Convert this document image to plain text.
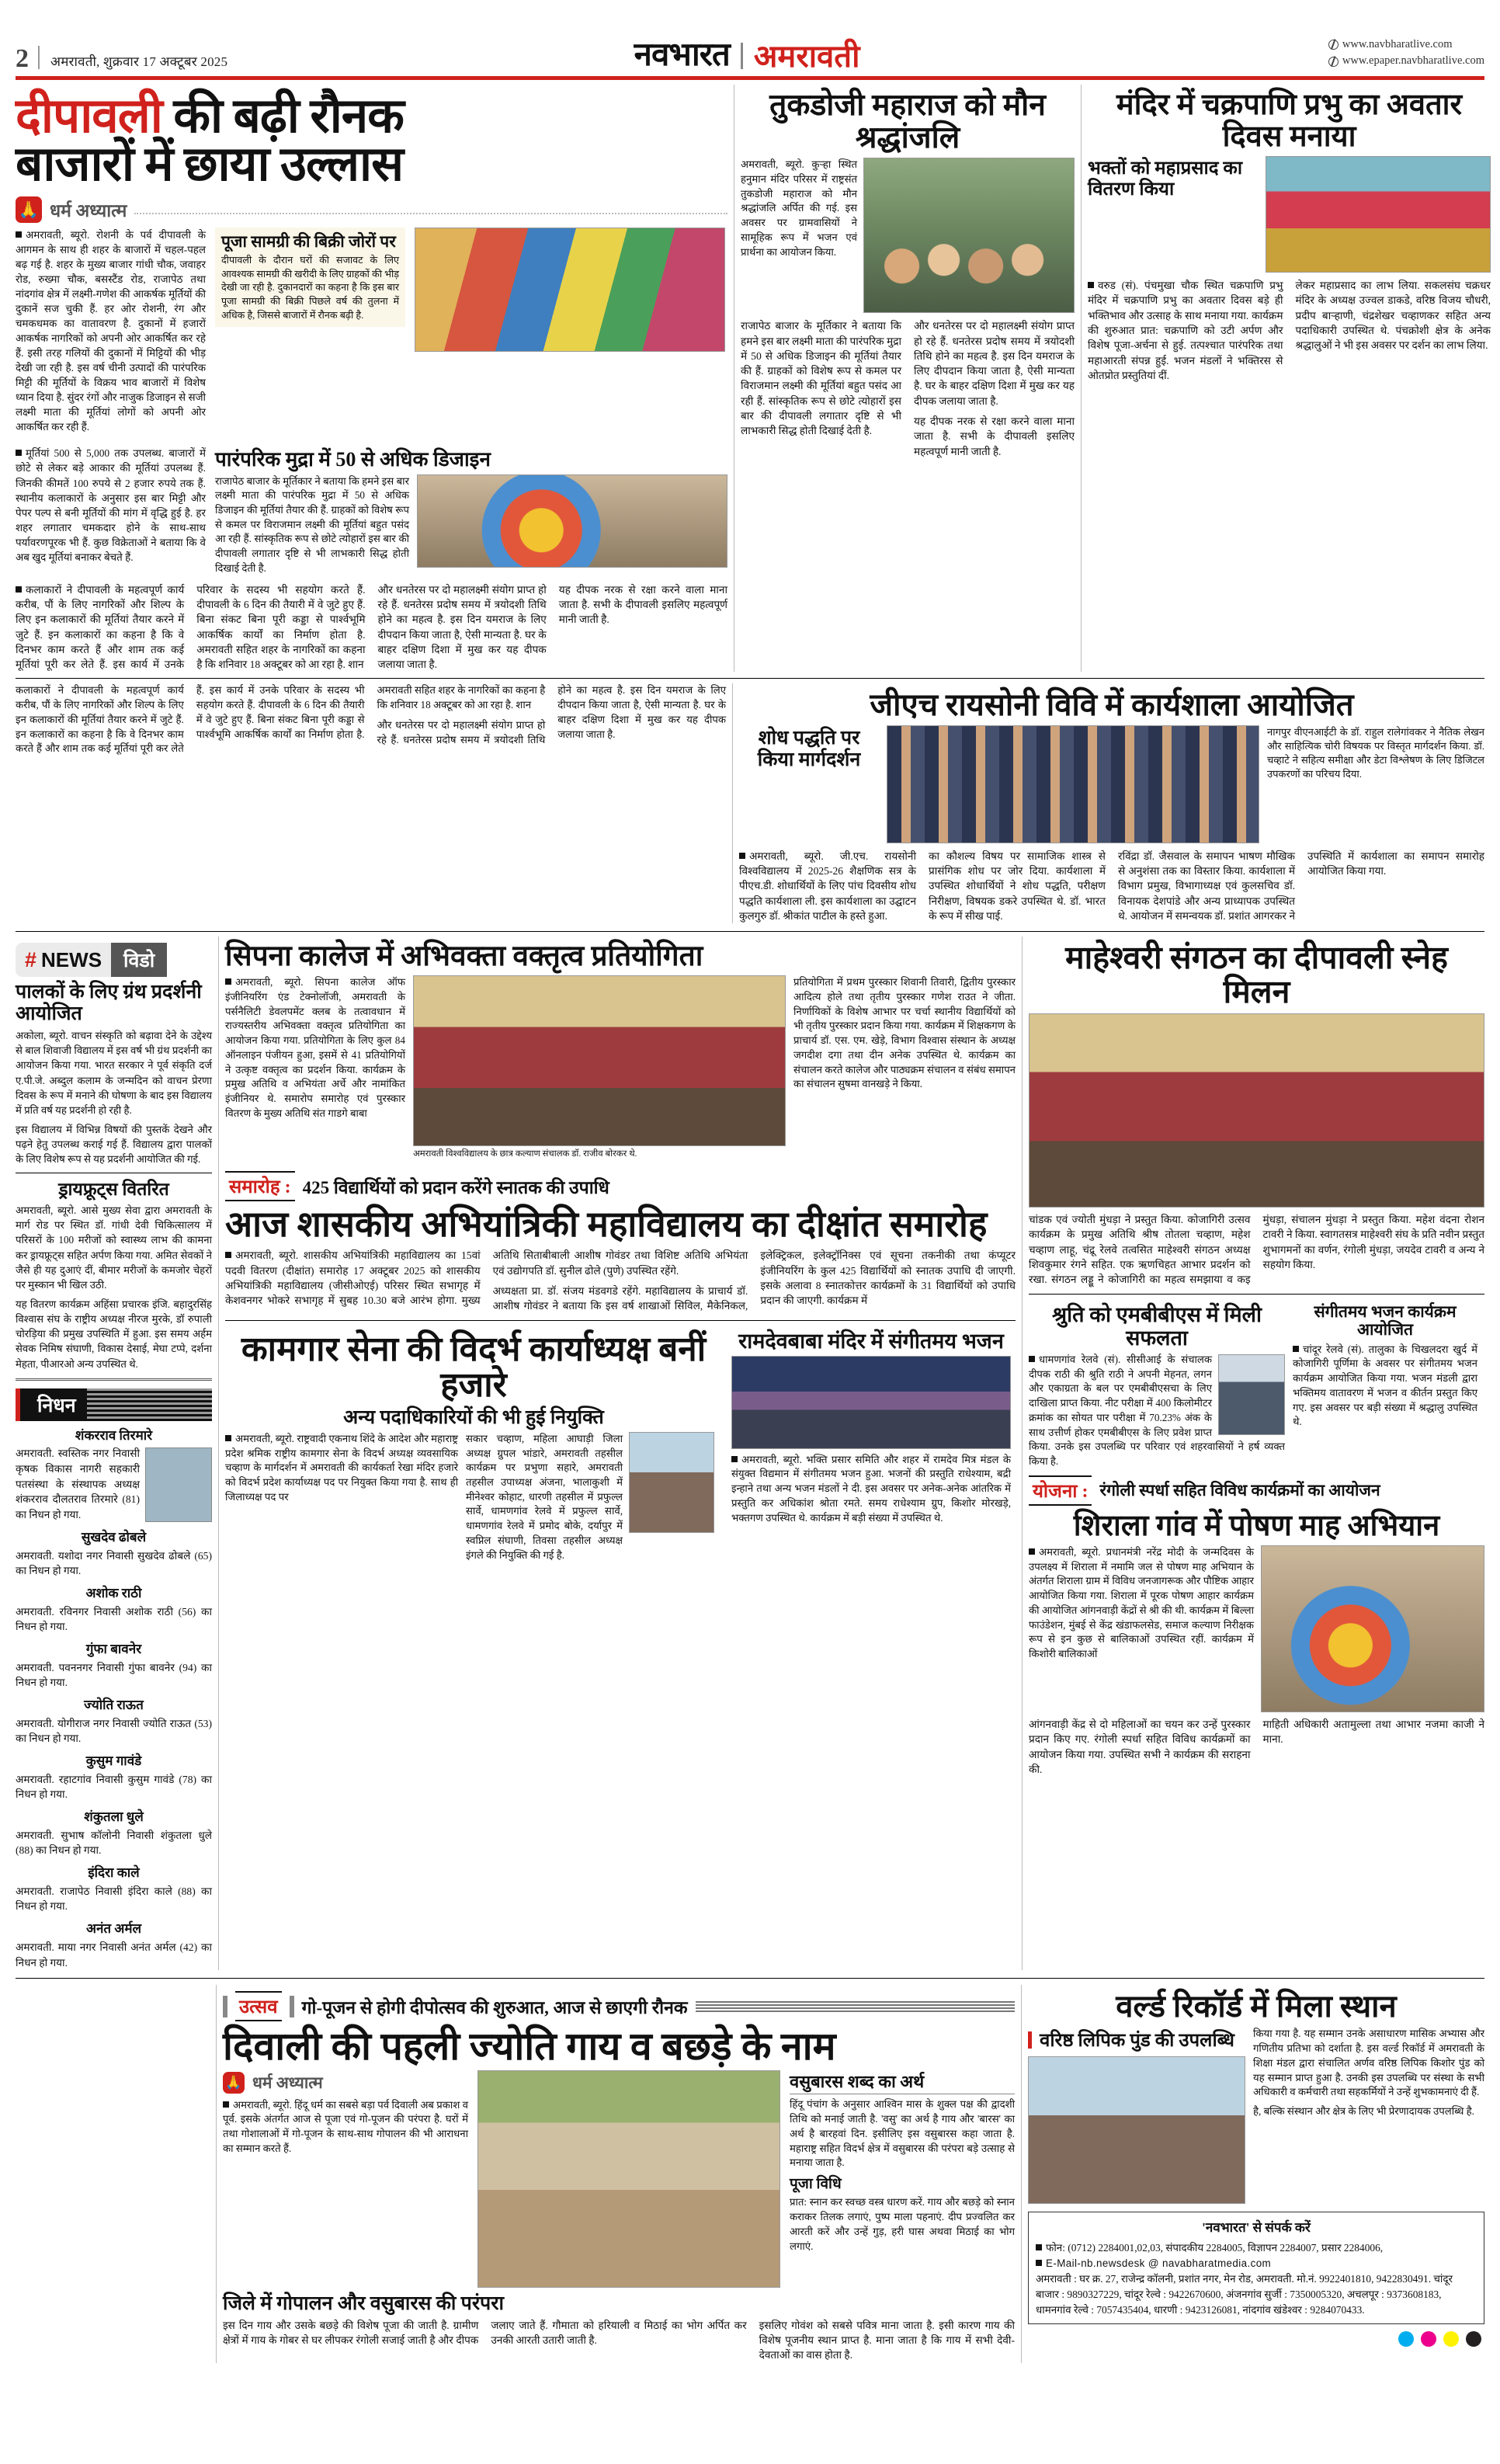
2 अमरावती, शुक्रवार 17 अक्टूबर 2025	नवभारत अमरावती	www.navbharatlive.com
www.epaper.navbharatlive.com
दीपावली की बढ़ी रौनक
बाजारों में छाया उल्लास
🙏 धर्म अध्यात्म

अमरावती, ब्यूरो. रोशनी के पर्व दीपावली के आगमन के साथ ही शहर के बाजारों में चहल-पहल बढ़ गई है. शहर के मुख्य बाजार गांधी चौक, जवाहर रोड, रुख्मा चौक, बसस्टैंड रोड, राजापेठ तथा नांदगांव क्षेत्र में लक्ष्मी-गणेश की आकर्षक मूर्तियों की दुकानें सज चुकी हैं. हर ओर रोशनी, रंग और चमकधमक का वातावरण है. दुकानों में हजारों आकर्षक नागरिकों को अपनी ओर आकर्षित कर रहे हैं. इसी तरह गलियों की दुकानों में मिट्टियों की भीड़ देखी जा रही है. इस वर्ष चीनी उत्पादों की पारंपरिक मिट्टी की मूर्तियों के विक्रय भाव बाजारों में विशेष ध्यान दिया है. सुंदर रंगों और नाजुक डिजाइन से सजी लक्ष्मी माता की मूर्तियां लोगों को अपनी ओर आकर्षित कर रही हैं.

पूजा सामग्री की बिक्री जोरों पर
दीपावली के दौरान घरों की सजावट के लिए आवश्यक सामग्री की खरीदी के लिए ग्राहकों की भीड़ देखी जा रही है. दुकानदारों का कहना है कि इस बार पूजा सामग्री की बिक्री पिछले वर्ष की तुलना में अधिक है, जिससे बाजारों में रौनक बढ़ी है.

मूर्तियां 500 से 5,000 तक उपलब्ध. बाजारों में छोटे से लेकर बड़े आकार की मूर्तियां उपलब्ध हैं. जिनकी कीमतें 100 रुपये से 2 हजार रुपये तक हैं. स्थानीय कलाकारों के अनुसार इस बार मिट्टी और पेपर पल्प से बनी मूर्तियों की मांग में वृद्धि हुई है. हर शहर लगातार चमकदार होने के साथ-साथ पर्यावरणपूरक भी हैं. कुछ विक्रेताओं ने बताया कि वे अब खुद मूर्तियां बनाकर बेचते हैं.

पारंपरिक मुद्रा में 50 से अधिक डिजाइन
राजापेठ बाजार के मूर्तिकार ने बताया कि हमने इस बार लक्ष्मी माता की पारंपरिक मुद्रा में 50 से अधिक डिजाइन की मूर्तियां तैयार की हैं. ग्राहकों को विशेष रूप से कमल पर विराजमान लक्ष्मी की मूर्तियां बहुत पसंद आ रही हैं. सांस्कृतिक रूप से छोटे त्योहारों इस बार की दीपावली लगातार दृष्टि से भी लाभकारी सिद्ध होती दिखाई देती है.

कलाकारों ने दीपावली के महत्वपूर्ण कार्य करीब, पौं के लिए नागरिकों और शिल्प के लिए इन कलाकारों की मूर्तियां तैयार करने में जुटे हैं. इन कलाकारों का कहना है कि वे दिनभर काम करते हैं और शाम तक कई मूर्तियां पूरी कर लेते हैं. इस कार्य में उनके परिवार के सदस्य भी सहयोग करते हैं. दीपावली के 6 दिन की तैयारी में वे जुटे हुए हैं. बिना संकट बिना पूरी कड्डा से पार्श्वभूमि आकर्षिक कार्यों का निर्माण होता है. अमरावती सहित शहर के नागरिकों का कहना है कि शनिवार 18 अक्टूबर को आ रहा है. शान

और धनतेरस पर दो महालक्ष्मी संयोग प्राप्त हो रहे हैं. धनतेरस प्रदोष समय में त्रयोदशी तिथि होने का महत्व है. इस दिन यमराज के लिए दीपदान किया जाता है, ऐसी मान्यता है. घर के बाहर दक्षिण दिशा में मुख कर यह दीपक जलाया जाता है.

यह दीपक नरक से रक्षा करने वाला माना जाता है. सभी के दीपावली इसलिए महत्वपूर्ण मानी जाती है.

तुकडोजी महाराज को मौन श्रद्धांजलि
अमरावती, ब्यूरो. कुऱ्हा स्थित हनुमान मंदिर परिसर में राष्ट्रसंत तुकडोजी महाराज को मौन श्रद्धांजलि अर्पित की गई. इस अवसर पर ग्रामवासियों ने सामूहिक रूप में भजन एवं प्रार्थना का आयोजन किया.

राजापेठ बाजार के मूर्तिकार ने बताया कि हमने इस बार लक्ष्मी माता की पारंपरिक मुद्रा में 50 से अधिक डिजाइन की मूर्तियां तैयार की हैं. ग्राहकों को विशेष रूप से कमल पर विराजमान लक्ष्मी की मूर्तियां बहुत पसंद आ रही हैं. सांस्कृतिक रूप से छोटे त्योहारों इस बार की दीपावली लगातार दृष्टि से भी लाभकारी सिद्ध होती दिखाई देती है.

और धनतेरस पर दो महालक्ष्मी संयोग प्राप्त हो रहे हैं. धनतेरस प्रदोष समय में त्रयोदशी तिथि होने का महत्व है. इस दिन यमराज के लिए दीपदान किया जाता है, ऐसी मान्यता है. घर के बाहर दक्षिण दिशा में मुख कर यह दीपक जलाया जाता है.

यह दीपक नरक से रक्षा करने वाला माना जाता है. सभी के दीपावली इसलिए महत्वपूर्ण मानी जाती है.

मंदिर में चक्रपाणि प्रभु का अवतार दिवस मनाया
भक्तों को महाप्रसाद का वितरण किया

वरुड (सं). पंचमुखा चौक स्थित चक्रपाणि प्रभु मंदिर में चक्रपाणि प्रभु का अवतार दिवस बड़े ही भक्तिभाव और उत्साह के साथ मनाया गया. कार्यक्रम की शुरुआत प्रात: चक्रपाणि को उटी अर्पण और विशेष पूजा-अर्चना से हुई. तत्पश्चात पारंपरिक तथा महाआरती संपन्न हुई. भजन मंडलों ने भक्तिरस से ओतप्रोत प्रस्तुतियां दीं.

लेकर महाप्रसाद का लाभ लिया. सकलसंघ चक्रधर मंदिर के अध्यक्ष उज्वल डाकडे, वरिष्ठ विजय चौधरी, प्रदीप बाऱ्हाणी, चंद्रशेखर चव्हाणकर सहित अन्य पदाधिकारी उपस्थित थे. पंचक्रोशी क्षेत्र के अनेक श्रद्धालुओं ने भी इस अवसर पर दर्शन का लाभ लिया.

कलाकारों ने दीपावली के महत्वपूर्ण कार्य करीब, पौं के लिए नागरिकों और शिल्प के लिए इन कलाकारों की मूर्तियां तैयार करने में जुटे हैं. इन कलाकारों का कहना है कि वे दिनभर काम करते हैं और शाम तक कई मूर्तियां पूरी कर लेते हैं. इस कार्य में उनके परिवार के सदस्य भी सहयोग करते हैं. दीपावली के 6 दिन की तैयारी में वे जुटे हुए हैं. बिना संकट बिना पूरी कड्डा से पार्श्वभूमि आकर्षिक कार्यों का निर्माण होता है. अमरावती सहित शहर के नागरिकों का कहना है कि शनिवार 18 अक्टूबर को आ रहा है. शान

और धनतेरस पर दो महालक्ष्मी संयोग प्राप्त हो रहे हैं. धनतेरस प्रदोष समय में त्रयोदशी तिथि होने का महत्व है. इस दिन यमराज के लिए दीपदान किया जाता है, ऐसी मान्यता है. घर के बाहर दक्षिण दिशा में मुख कर यह दीपक जलाया जाता है.

जीएच रायसोनी विवि में कार्यशाला आयोजित
शोध पद्धति पर किया मार्गदर्शन
नागपुर वीएनआईटी के डॉ. राहुल रालेगांवकर ने नैतिक लेखन और साहित्यिक चोरी विषयक पर विस्तृत मार्गदर्शन किया. डॉ. चव्हाटे ने सहित्य समीक्षा और डेटा विश्लेषण के लिए डिजिटल उपकरणों का परिचय दिया.

अमरावती, ब्यूरो. जी.एच. रायसोनी विश्वविद्यालय में 2025-26 शैक्षणिक सत्र के पीएच.डी. शोधार्थियों के लिए पांच दिवसीय शोध पद्धति कार्यशाला ली. इस कार्यशाला का उद्घाटन कुलगुरु डॉ. श्रीकांत पाटील के हस्ते हुआ.

का कौशल्य विषय पर सामाजिक शास्त्र से प्रासंगिक शोध पर जोर दिया. कार्यशाला में उपस्थित शोधार्थियों ने शोध पद्धति, परीक्षण निरीक्षण, विषयक डकरे उपस्थित थे. डॉ. भारत के रूप में सीख पाई.

रविंद्रा डॉ. जैसवाल के समापन भाषण मौखिक से अनुशंसा तक का विस्तार किया. कार्यशाला में विभाग प्रमुख, विभागाध्यक्ष एवं कुलसचिव डॉ. विनायक देशपांडे और अन्य प्राध्यापक उपस्थित थे. आयोजन में समन्वयक डॉ. प्रशांत आगरकर ने उपस्थिति में कार्यशाला का समापन समारोह आयोजित किया गया.

# NEWS	विडो
पालकों के लिए ग्रंथ प्रदर्शनी आयोजित

अकोला, ब्यूरो. वाचन संस्कृति को बढ़ावा देने के उद्देश्य से बाल शिवाजी विद्यालय में इस वर्ष भी ग्रंथ प्रदर्शनी का आयोजन किया गया. भारत सरकार ने पूर्व संकृति दर्ज ए.पी.जे. अब्दुल कलाम के जन्मदिन को वाचन प्रेरणा दिवस के रूप में मनाने की घोषणा के बाद इस विद्यालय में प्रति वर्ष यह प्रदर्शनी हो रही है.

इस विद्यालय में विभिन्न विषयों की पुस्तकें देखने और पढ़ने हेतु उपलब्ध कराई गई हैं. विद्यालय द्वारा पालकों के लिए विशेष रूप से यह प्रदर्शनी आयोजित की गई.

ड्रायफ्रूट्स वितरित

अमरावती, ब्यूरो. आसे मुख्य सेवा द्वारा अमरावती के मार्ग रोड पर स्थित डॉ. गांधी देवी चिकित्सालय में परिसरों के 100 मरीजों को स्वास्थ्य लाभ की कामना कर ड्रायफ्रूट्स सहित अर्पण किया गया. अमित सेवकों ने जैसे ही यह दुआएं दीं, बीमार मरीजों के कमजोर चेहरों पर मुस्कान भी खिल उठी.

यह वितरण कार्यक्रम अहिंसा प्रचारक इंजि. बहादुरसिंह विश्वास संघ के राष्ट्रीय अध्यक्ष नीरज मुरके, डॉ रुपाली चोरड़िया की प्रमुख उपस्थिति में हुआ. इस समय अर्हम सेवक निमिष संघाणी, विकास देसाई, मेघा टप्पे, दर्शना मेहता, पीआरओ अन्य उपस्थित थे.

निधन
शंकरराव तिरमारे
अमरावती. स्वस्तिक नगर निवासी कृषक विकास नागरी सहकारी पतसंस्था के संस्थापक अध्यक्ष शंकरराव दौलतराव तिरमारे (81) का निधन हो गया.
सुखदेव ढोबले
अमरावती. यशोदा नगर निवासी सुखदेव ढोबले (65) का निधन हो गया.
अशोक राठी
अमरावती. रविनगर निवासी अशोक राठी (56) का निधन हो गया.
गुंफा बावनेर
अमरावती. पवननगर निवासी गुंफा बावनेर (94) का निधन हो गया.
ज्योति राऊत
अमरावती. योगीराज नगर निवासी ज्योति राऊत (53) का निधन हो गया.
कुसुम गावंडे
अमरावती. रहाटगांव निवासी कुसुम गावंडे (78) का निधन हो गया.
शंकुतला धुले
अमरावती. सुभाष कॉलोनी निवासी शंकुतला धुले (88) का निधन हो गया.
इंदिरा काले
अमरावती. राजापेठ निवासी इंदिरा काले (88) का निधन हो गया.
अनंत अर्मल
अमरावती. माया नगर निवासी अनंत अर्मल (42) का निधन हो गया.
सिपना कालेज में अभिवक्ता वक्तृत्व प्रतियोगिता
अमरावती, ब्यूरो. सिपना कालेज ऑफ इंजीनियरिंग एंड टेक्नोलॉजी, अमरावती के पर्सनैलिटी डेवलपमेंट क्लब के तत्वावधान में राज्यस्तरीय अभिवक्ता वक्तृत्व प्रतियोगिता का आयोजन किया गया. प्रतियोगिता के लिए कुल 84 ऑनलाइन पंजीयन हुआ, इसमें से 41 प्रतियोगियों ने उत्कृष्ट वक्तृत्व का प्रदर्शन किया. कार्यक्रम के प्रमुख अतिथि व अभियंता अर्चे और नामांकित इंजीनियर थे. समारोप समारोह एवं पुरस्कार वितरण के मुख्य अतिथि संत गाडगे बाबा
अमरावती विश्वविद्यालय के छात्र कल्याण संचालक डॉ. राजीव बोरकर थे.
प्रतियोगिता में प्रथम पुरस्कार शिवानी तिवारी, द्वितीय पुरस्कार आदित्य होले तथा तृतीय पुरस्कार गणेश राउत ने जीता. निर्णायिकों के विशेष आभार पर चर्चा स्थानीय विद्यार्थियों को भी तृतीय पुरस्कार प्रदान किया गया. कार्यक्रम में शिक्षकगण के प्राचार्य डॉ. एस. एम. खेड़े, विभाग विश्वास संस्थान के अध्यक्ष जगदीश दगा तथा दीन अनेक उपस्थित थे. कार्यक्रम का संचालन करते कालेज और पाठ्यक्रम संचालन व संबंध समापन का संचालन सुषमा वानखड़े ने किया.
समारोह : 425 विद्यार्थियों को प्रदान करेंगे स्नातक की उपाधि
आज शासकीय अभियांत्रिकी महाविद्यालय का दीक्षांत समारोह

अमरावती, ब्यूरो. शासकीय अभियांत्रिकी महाविद्यालय का 15वां पदवी वितरण (दीक्षांत) समारोह 17 अक्टूबर 2025 को शासकीय अभियांत्रिकी महाविद्यालय (जीसीओएई) परिसर स्थित सभागृह में केशवनगर भोकरे सभागृह में सुबह 10.30 बजे आरंभ होगा. मुख्य अतिथि सिताबीबाली आशीष गोवंडर तथा विशिष्ट अतिथि अभियंता एवं उद्योगपति डॉ. सुनील ढोले (पुणे) उपस्थित रहेंगे.

अध्यक्षता प्रा. डॉ. संजय मंडवगडे रहेंगे. महाविद्यालय के प्राचार्य डॉ. आशीष गोवंडर ने बताया कि इस वर्ष शाखाओं सिविल, मैकेनिकल, इलेक्ट्रिकल, इलेक्ट्रॉनिक्स एवं सूचना तकनीकी तथा कंप्यूटर इंजीनियरिंग के कुल 425 विद्यार्थियों को स्नातक उपाधि दी जाएगी. इसके अलावा 8 स्नातकोत्तर कार्यक्रमों के 31 विद्यार्थियों को उपाधि प्रदान की जाएगी. कार्यक्रम में

कामगार सेना की विदर्भ कार्याध्यक्ष बनीं हजारे
अन्य पदाधिकारियों की भी हुई नियुक्ति
अमरावती, ब्यूरो. राष्ट्रवादी एकनाथ शिंदे के आदेश और महाराष्ट्र प्रदेश श्रमिक राष्ट्रीय कामगार सेना के विदर्भ अध्यक्ष व्यवसायिक चव्हाण के मार्गदर्शन में अमरावती की कार्यकर्ता रेखा मंदिर हजारे को विदर्भ प्रदेश कार्याध्यक्ष पद पर नियुक्त किया गया है. साथ ही जिलाध्यक्ष पद पर
सकार चव्हाण, महिला आघाड़ी जिला अध्यक्ष ग्रुपल भांडारे, अमरावती तहसील कार्यक्रम पर प्रभुणा सहारे, अमरावती तहसील उपाध्यक्ष अंजना, भालाकुशी में मीनेश्वर कोहाट, धारणी तहसील में प्रफुल्ल सार्वे, धामणगांव रेलवे में प्रफुल्ल सार्वे, धामणगांव रेलवे में प्रमोद बोके, दर्यापुर में स्वप्निल संघाणी, तिवसा तहसील अध्यक्ष इंगले की नियुक्ति की गई है.
रामदेवबाबा मंदिर में संगीतमय भजन
अमरावती, ब्यूरो. भक्ति प्रसार समिति और शहर में रामदेव मित्र मंडल के संयुक्त विद्यमान में संगीतमय भजन हुआ. भजनों की प्रस्तुति राधेश्याम, बद्री इन्हाने तथा अन्य भजन मंडलों ने दी. इस अवसर पर अनेक-अनेक आंतरिक में प्रस्तुति कर अधिकांश श्रोता रमते. समय राधेश्याम ग्रुप, किशोर मोरखड़े, भक्तगण उपस्थित थे. कार्यक्रम में बड़ी संख्या में उपस्थित थे.
माहेश्वरी संगठन का दीपावली स्नेह मिलन

चांडक एवं ज्योती मुंधड़ा ने प्रस्तुत किया. कोजागिरी उत्सव कार्यक्रम के प्रमुख अतिथि श्रीष तोतला चव्हाण, महेश चव्हाण लाहू, चंद्रू रेलवे तत्वसित माहेश्वरी संगठन अध्यक्ष शिवकुमार रंगने सहित. एक ऋणचिहत आभार प्रदर्शन को रखा. संगठन लड्डू ने कोजागिरी का महत्व समझाया व कइ मुंधड़ा, संचालन मुंधड़ा ने प्रस्तुत किया. महेश वंदना रोशन टावरी ने किया. स्वागतसत्र माहेश्वरी संघ के प्रति नवीन प्रस्तुत शुभागमनों का वर्णन, रंगोली मुंधड़ा, जयदेव टावरी व अन्य ने सहयोग किया.

श्रुति को एमबीबीएस में मिली सफलता
धामणगांव रेलवे (सं). सीसीआई के संचालक दीपक राठी की श्रुति राठी ने अपनी मेहनत, लगन और एकाग्रता के बल पर एमबीबीएसचा के लिए दाखिला प्राप्त किया. नीट परीक्षा में 400 किलोमीटर क्रमांक का सोयत पार परीक्षा में 70.23% अंक के साथ उत्तीर्ण होकर एमबीबीएस के लिए प्रवेश प्राप्त किया. उनके इस उपलब्धि पर परिवार एवं शहरवासियों ने हर्ष व्यक्त किया है.
संगीतमय भजन कार्यक्रम आयोजित
चांदूर रेलवे (सं). तालुका के चिखलदरा खुर्द में कोजागिरी पूर्णिमा के अवसर पर संगीतमय भजन कार्यक्रम आयोजित किया गया. भजन मंडली द्वारा भक्तिमय वातावरण में भजन व कीर्तन प्रस्तुत किए गए. इस अवसर पर बड़ी संख्या में श्रद्धालु उपस्थित थे.
योजना : रंगोली स्पर्धा सहित विविध कार्यक्रमों का आयोजन
शिराला गांव में पोषण माह अभियान
अमरावती, ब्यूरो. प्रधानमंत्री नरेंद्र मोदी के जन्मदिवस के उपलक्ष्य में शिराला में नमामि जल से पोषण माह अभियान के अंतर्गत शिराला ग्राम में विविध जनजागरूक और पौष्टिक आहार आयोजित किया गया. शिराला में पूरक पोषण आहार कार्यक्रम की आयोजित आंगनवाड़ी केंद्रों से श्री की थी. कार्यक्रम में बिल्ला फाउंडेशन, मुंबई से केंद्र खंडाफलसेड, समाज कल्याण निरीक्षक रूप से इन कुछ से बालिकाओं उपस्थित रहीं. कार्यक्रम में किशोरी बालिकाओं

आंगनवाड़ी केंद्र से दो महिलाओं का चयन कर उन्हें पुरस्कार प्रदान किए गए. रंगोली स्पर्धा सहित विविध कार्यक्रमों का आयोजन किया गया. उपस्थित सभी ने कार्यक्रम की सराहना की.

माहिती अधिकारी अतामुल्ला तथा आभार नजमा काजी ने माना.

उत्सव गो-पूजन से होगी दीपोत्सव की शुरुआत, आज से छाएगी रौनक
दिवाली की पहली ज्योति गाय व बछड़े के नाम
🙏 धर्म अध्यात्म
अमरावती, ब्यूरो. हिंदू धर्म का सबसे बड़ा पर्व दिवाली अब प्रकाश व पूर्व. इसके अंतर्गत आज से पूजा एवं गो-पूजन की परंपरा है. घरों में तथा गोशालाओं में गो-पूजन के साथ-साथ गोपालन की भी आराधना का सम्मान करते हैं.
वसुबारस शब्द का अर्थ
हिंदू पंचांग के अनुसार आश्विन मास के शुक्ल पक्ष की द्वादशी तिथि को मनाई जाती है. 'वसु' का अर्थ है गाय और 'बारस' का अर्थ है बारहवां दिन. इसीलिए इस वसुबारस कहा जाता है. महाराष्ट्र सहित विदर्भ क्षेत्र में वसुबारस की परंपरा बड़े उत्साह से मनाया जाता है.
पूजा विधि
प्रात: स्नान कर स्वच्छ वस्त्र धारण करें. गाय और बछड़े को स्नान कराकर तिलक लगाएं, पुष्प माला पहनाएं. दीप प्रज्वलित कर आरती करें और उन्हें गुड़, हरी घास अथवा मिठाई का भोग लगाएं.
जिले में गोपालन और वसुबारस की परंपरा

इस दिन गाय और उसके बछड़े की विशेष पूजा की जाती है. ग्रामीण क्षेत्रों में गाय के गोबर से घर लीपकर रंगोली सजाई जाती है और दीपक जलाए जाते हैं. गौमाता को हरियाली व मिठाई का भोग अर्पित कर उनकी आरती उतारी जाती है.

इसलिए गोवंश को सबसे पवित्र माना जाता है. इसी कारण गाय की विशेष पूजनीय स्थान प्राप्त है. माना जाता है कि गाय में सभी देवी-देवताओं का वास होता है.

वर्ल्ड रिकॉर्ड में मिला स्थान
वरिष्ठ लिपिक पुंड की उपलब्धि किया गया है. यह सम्मान उनके असाधारण मासिक अभ्यास और गणितीय प्रतिभा को दर्शाता है. इस वर्ल्ड रिकॉर्ड में अमरावती के शिक्षा मंडल द्वारा संचालित अर्णव वरिष्ठ लिपिक किशोर पुंड को यह सम्मान प्राप्त हुआ है. उनकी इस उपलब्धि पर संस्था के सभी अधिकारी व कर्मचारी तथा सहकर्मियों ने उन्हें शुभकामनाएं दी हैं.

है, बल्कि संस्थान और क्षेत्र के लिए भी प्रेरणादायक उपलब्धि है.

'नवभारत' से संपर्क करें
फोन: (0712) 2284001,02,03, संपादकीय 2284005, विज्ञापन 2284007, प्रसार 2284006,
E-Mail-nb.newsdesk @ navabharatmedia.com
अमरावती : घर क्र. 27, राजेन्द्र कॉलनी, प्रशांत नगर, मेन रोड, अमरावती. मो.नं. 9922401810, 9422830491. चांदूर बाजार : 9890327229, चांदूर रेल्वे : 9422670600, अंजनगांव सुर्जी : 7350005320, अचलपूर : 9373608183, धामनगांव रेल्वे : 7057435404, धारणी : 9423126081, नांदगांव खंडेश्वर : 9284070433.
